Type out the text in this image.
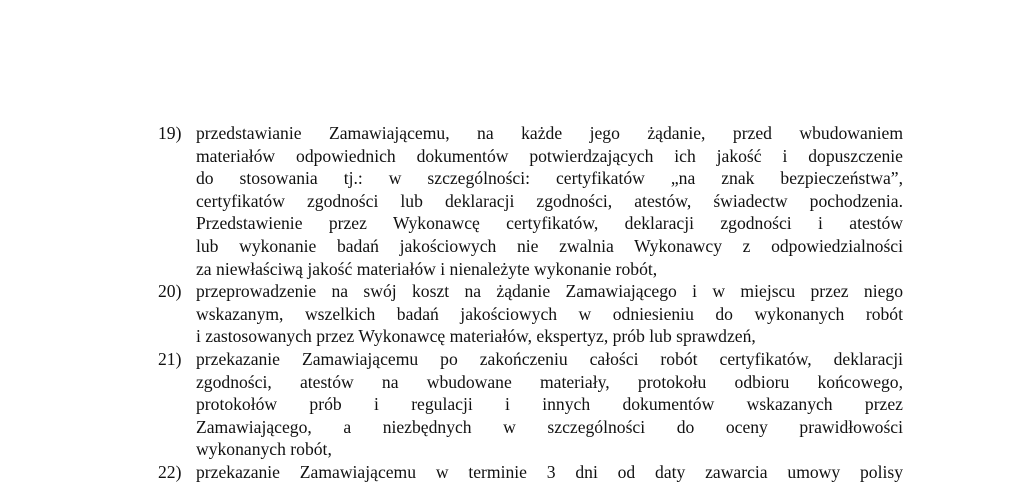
19) przedstawianie Zamawiającemu, na każde jego żądanie, przed wbudowaniem
materiałów odpowiednich dokumentów potwierdzających ich jakość i dopuszczenie
do stosowania tj.: w szczególności: certyfikatów „na znak bezpieczeństwa”,
certyfikatów zgodności lub deklaracji zgodności, atestów, świadectw pochodzenia.
Przedstawienie przez Wykonawcę certyfikatów, deklaracji zgodności i atestów
lub wykonanie badań jakościowych nie zwalnia Wykonawcy z odpowiedzialności
za niewłaściwą jakość materiałów i nienależyte wykonanie robót,
20) przeprowadzenie na swój koszt na żądanie Zamawiającego i w miejscu przez niego
wskazanym, wszelkich badań jakościowych w odniesieniu do wykonanych robót
i zastosowanych przez Wykonawcę materiałów, ekspertyz, prób lub sprawdzeń,
21) przekazanie Zamawiającemu po zakończeniu całości robót certyfikatów, deklaracji
zgodności, atestów na wbudowane materiały, protokołu odbioru końcowego,
protokołów prób i regulacji i innych dokumentów wskazanych przez
Zamawiającego, a niezbędnych w szczególności do oceny prawidłowości
wykonanych robót,
22) przekazanie Zamawiającemu w terminie 3 dni od daty zawarcia umowy polisy
